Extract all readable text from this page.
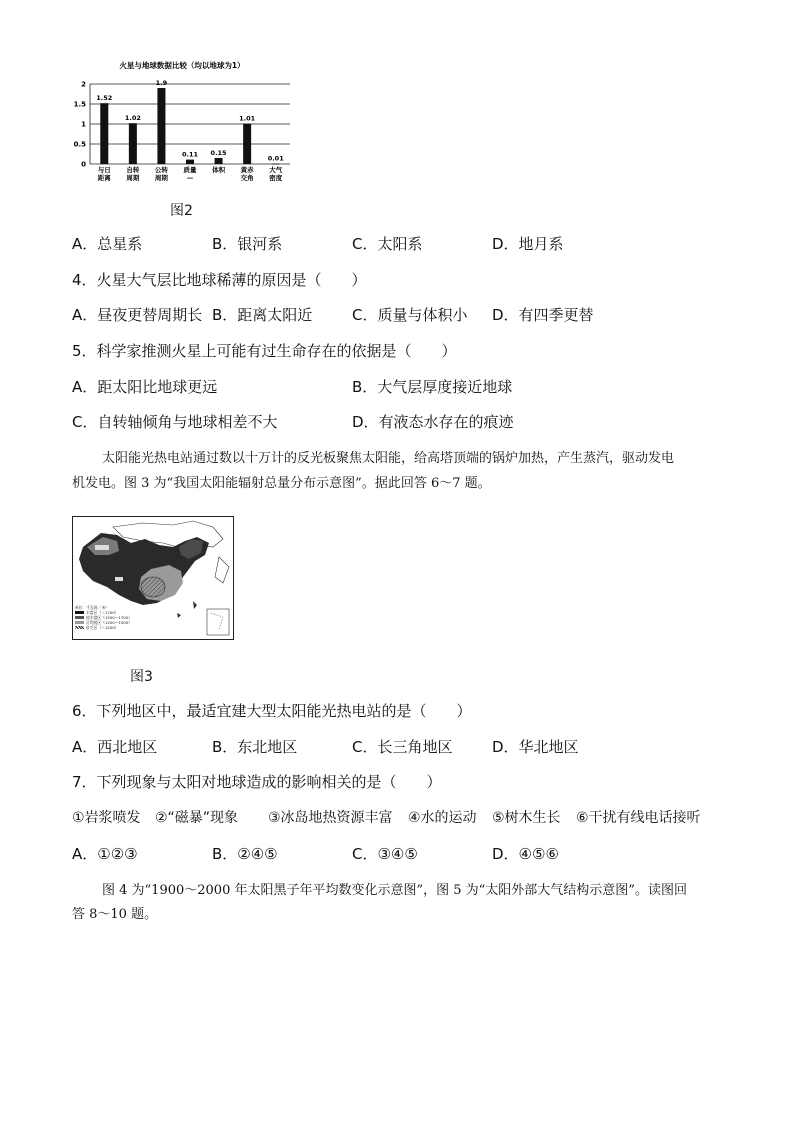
火星与地球数据比较（均以地球为1）
0
0.5
1
1.5
2
1.52
与日
距离
1.02
自转
周期
1.9
公转
周期
0.11
质量
—
0.15
体积
1.01
黄赤
交角
0.01
大气
密度
图2
A．总星系	B．银河系	C．太阳系	D．地月系
4．火星大气层比地球稀薄的原因是（　　）
A．昼夜更替周期长 B．距离太阳近	C．质量与体积小 D．有四季更替
5．科学家推测火星上可能有过生命存在的依据是（　　）
A．距太阳比地球更远	B．大气层厚度接近地球
C．自转轴倾角与地球相差不大	D．有液态水存在的痕迹
太阳能光热电站通过数以十万计的反光板聚焦太阳能，给高塔顶端的锅炉加热，产生蒸汽，驱动发电
机发电。图 3 为“我国太阳能辐射总量分布示意图”。据此回答 6～7 题。
单位：千瓦时／米²
丰富区（＞1700）
较丰富区（1500～1700）
可利用区（1200～1500）
贫乏区（＜1200）
图3
6．下列地区中，最适宜建大型太阳能光热电站的是（　　）
A．西北地区	B．东北地区	C．长三角地区	D．华北地区
7．下列现象与太阳对地球造成的影响相关的是（　　）
①岩浆喷发 ②“磁暴”现象 ③冰岛地热资源丰富 ④水的运动 ⑤树木生长 ⑥干扰有线电话接听
A．①②③	B．②④⑤	C．③④⑤	D．④⑤⑥
图 4 为“1900～2000 年太阳黑子年平均数变化示意图”，图 5 为“太阳外部大气结构示意图”。读图回
答 8～10 题。
